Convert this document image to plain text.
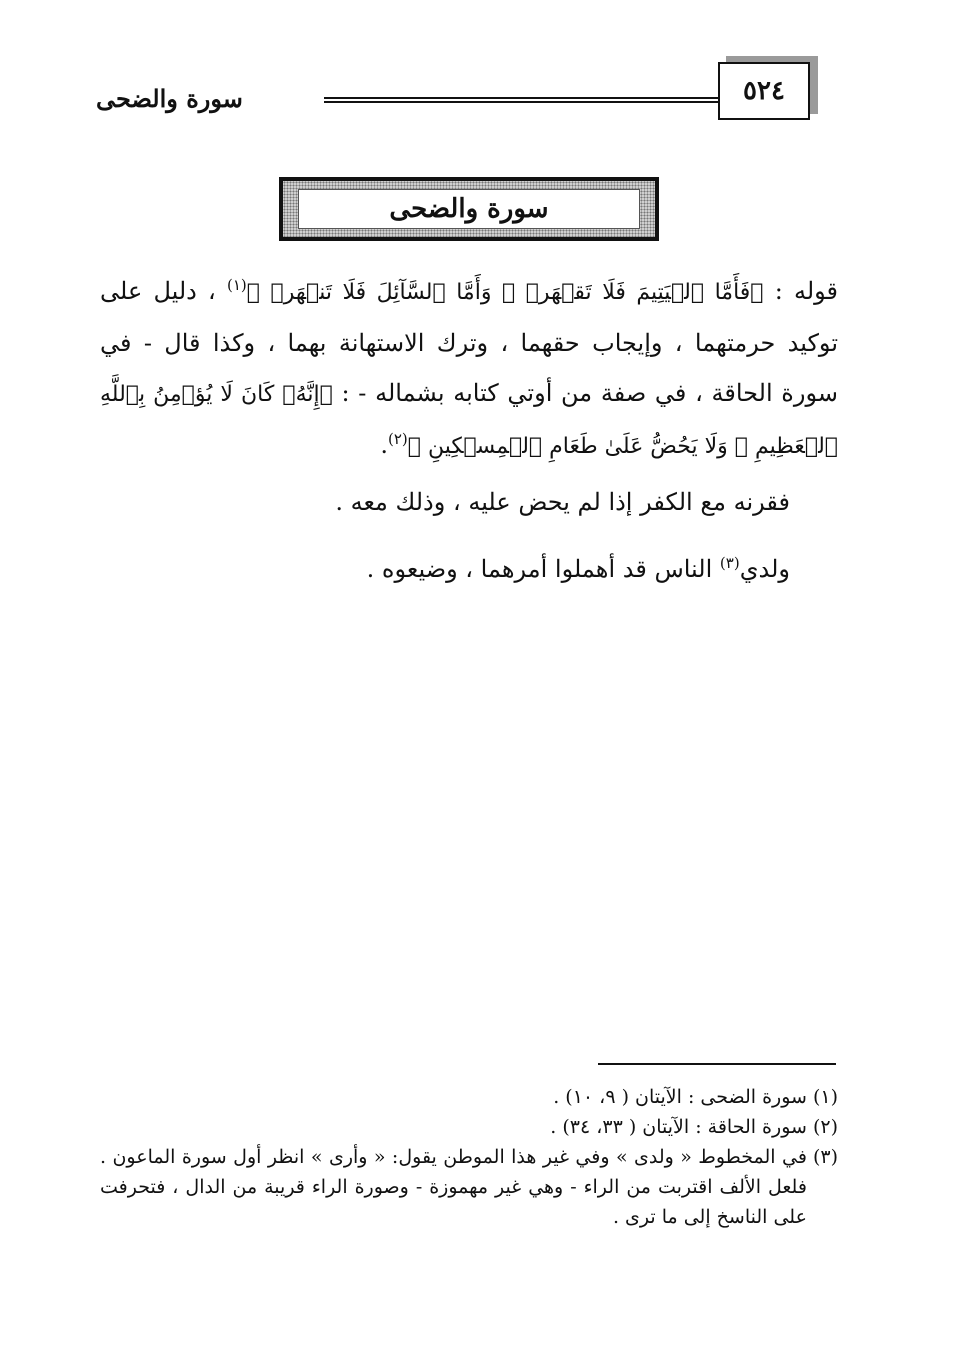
٥٢٤
سورة والضحى
سورة والضحى
قوله : ﴿فَأَمَّا ٱلۡيَتِيمَ فَلَا تَقۡهَرۡ ۞ وَأَمَّا ٱلسَّآئِلَ فَلَا تَنۡهَرۡ ﴾$^{(١)}$ ، دليل على توكيد حرمتهما ، وإيجاب حقهما ، وترك الاستهانة بهما ، وكذا قال - في سورة الحاقة ، في صفة من أوتي كتابه بشماله - : ﴿إِنَّهُۥ كَانَ لَا يُؤۡمِنُ بِٱللَّهِ ٱلۡعَظِيمِ ۞ وَلَا يَحُضُّ عَلَىٰ طَعَامِ ٱلۡمِسۡكِينِ ﴾$^{(٢)}$.
فقرنه مع الكفر إذا لم يحض عليه ، وذلك معه .
ولدي$^{(٣)}$ الناس قد أهملوا أمرهما ، وضيعوه .
(١)
سورة الضحى : الآيتان ( ٩، ١٠) .
(٢)
سورة الحاقة : الآيتان ( ٣٣، ٣٤) .
(٣)
في المخطوط « ولدى » وفي غير هذا الموطن يقول: « وأرى » انظر أول سورة الماعون . فلعل الألف اقتربت من الراء - وهي غير مهموزة - وصورة الراء قريبة من الدال ، فتحرفت على الناسخ إلى ما ترى .
